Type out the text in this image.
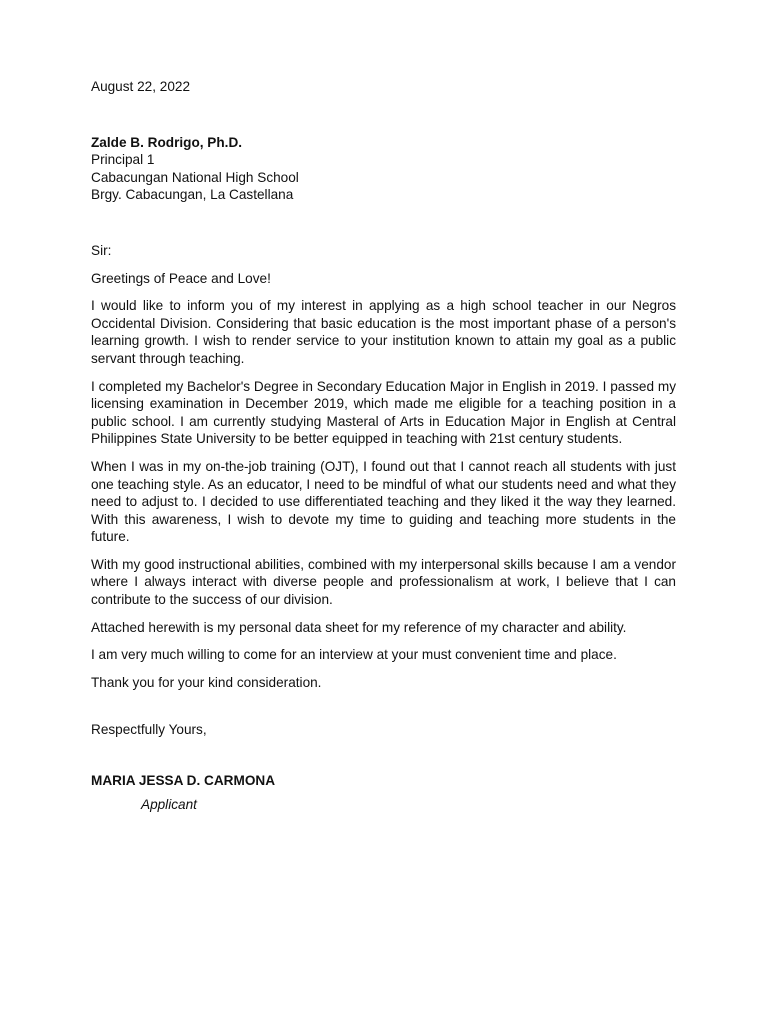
August 22, 2022
Zalde B. Rodrigo, Ph.D.
Principal 1
Cabacungan National High School
Brgy. Cabacungan, La Castellana
Sir:
Greetings of Peace and Love!

I would like to inform you of my interest in applying as a high school teacher in our Negros Occidental Division. Considering that basic education is the most important phase of a person's learning growth. I wish to render service to your institution known to attain my goal as a public servant through teaching.

I completed my Bachelor's Degree in Secondary Education Major in English in 2019. I passed my licensing examination in December 2019, which made me eligible for a teaching position in a public school. I am currently studying Masteral of Arts in Education Major in English at Central Philippines State University to be better equipped in teaching with 21st century students.

When I was in my on-the-job training (OJT), I found out that I cannot reach all students with just one teaching style. As an educator, I need to be mindful of what our students need and what they need to adjust to. I decided to use differentiated teaching and they liked it the way they learned. With this awareness, I wish to devote my time to guiding and teaching more students in the future.

With my good instructional abilities, combined with my interpersonal skills because I am a vendor where I always interact with diverse people and professionalism at work, I believe that I can contribute to the success of our division.

Attached herewith is my personal data sheet for my reference of my character and ability.

I am very much willing to come for an interview at your must convenient time and place.

Thank you for your kind consideration.

Respectfully Yours,
MARIA JESSA D. CARMONA
Applicant
